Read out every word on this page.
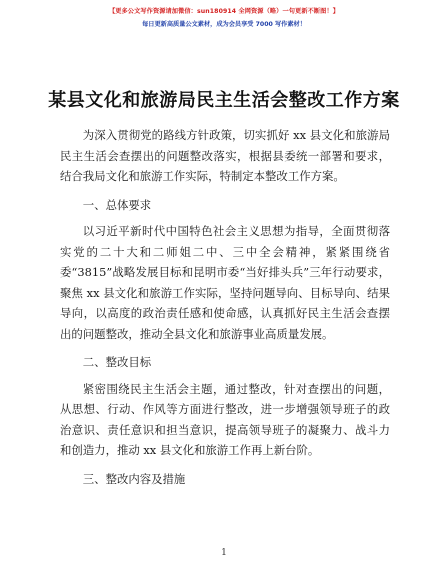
【更多公文写作资源请加微信：sun180914 全网资源（略）一句更新不断图！】
每日更新高质量公文素材，成为会员享受 7000 写作素材！
某县文化和旅游局民主生活会整改工作方案

为深入贯彻党的路线方针政策，切实抓好 xx 县文化和旅游局民主生活会查摆出的问题整改落实，根据县委统一部署和要求，结合我局文化和旅游工作实际，特制定本整改工作方案。

一、总体要求

以习近平新时代中国特色社会主义思想为指导，全面贯彻落实党的二十大和二师姐二中、三中全会精神，紧紧围绕省委“3815”战略发展目标和昆明市委“当好排头兵”三年行动要求，聚焦 xx 县文化和旅游工作实际，坚持问题导向、目标导向、结果导向，以高度的政治责任感和使命感，认真抓好民主生活会查摆出的问题整改，推动全县文化和旅游事业高质量发展。

二、整改目标

紧密围绕民主生活会主题，通过整改，针对查摆出的问题，从思想、行动、作风等方面进行整改，进一步增强领导班子的政治意识、责任意识和担当意识，提高领导班子的凝聚力、战斗力和创造力，推动 xx 县文化和旅游工作再上新台阶。

三、整改内容及措施

1
